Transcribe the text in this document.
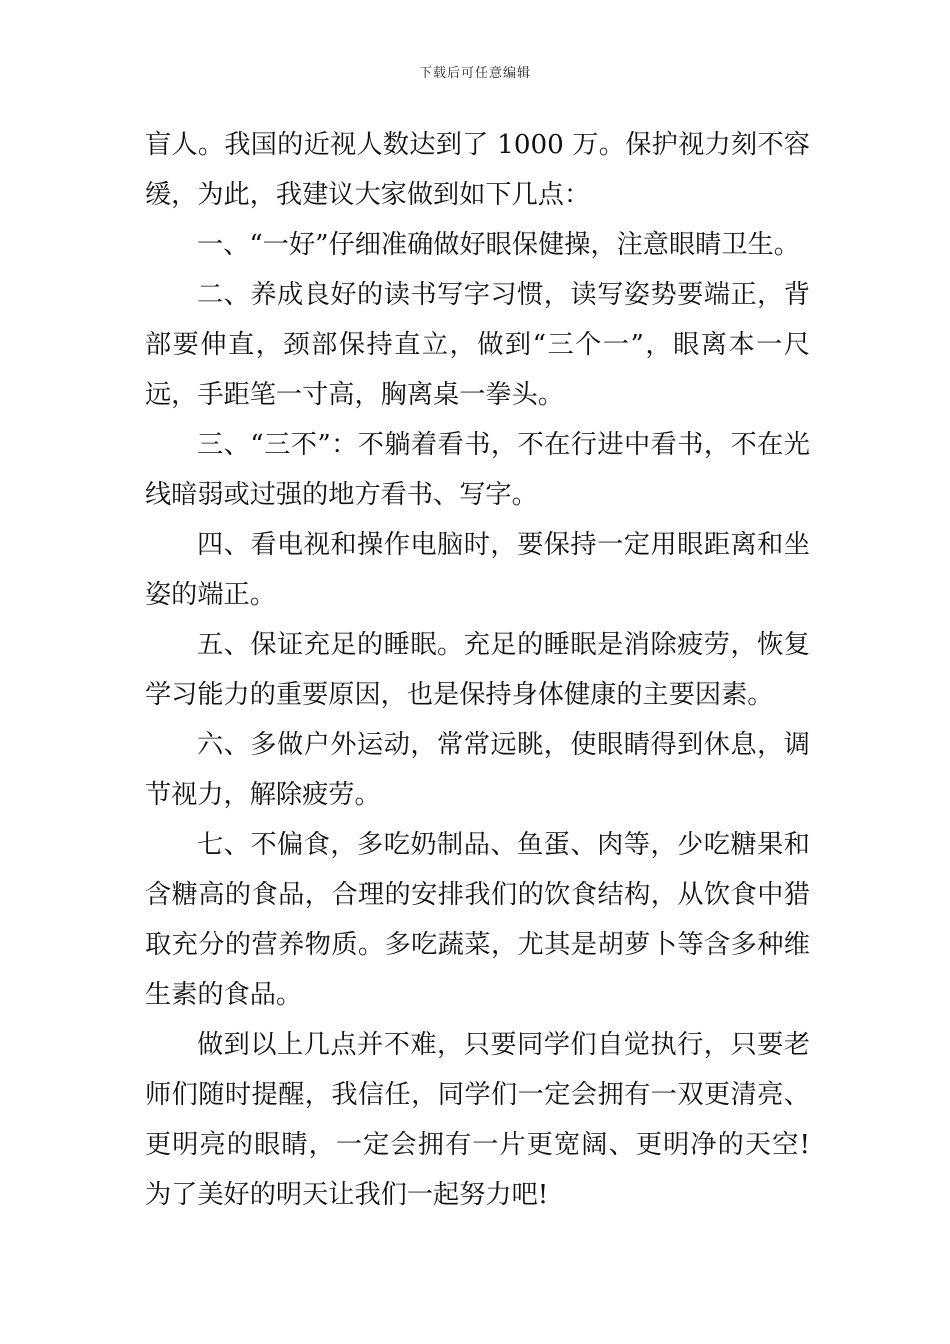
下载后可任意编辑

盲人。我国的近视人数达到了 1000 万。保护视力刻不容缓，为此，我建议大家做到如下几点：

一、“一好”仔细准确做好眼保健操，注意眼睛卫生。

二、养成良好的读书写字习惯，读写姿势要端正，背部要伸直，颈部保持直立，做到“三个一”，眼离本一尺远，手距笔一寸高，胸离桌一拳头。

三、“三不”：不躺着看书，不在行进中看书，不在光线暗弱或过强的地方看书、写字。

四、看电视和操作电脑时，要保持一定用眼距离和坐姿的端正。

五、保证充足的睡眠。充足的睡眠是消除疲劳，恢复学习能力的重要原因，也是保持身体健康的主要因素。

六、多做户外运动，常常远眺，使眼睛得到休息，调节视力，解除疲劳。

七、不偏食，多吃奶制品、鱼蛋、肉等，少吃糖果和含糖高的食品，合理的安排我们的饮食结构，从饮食中猎取充分的营养物质。多吃蔬菜，尤其是胡萝卜等含多种维生素的食品。

做到以上几点并不难，只要同学们自觉执行，只要老师们随时提醒，我信任，同学们一定会拥有一双更清亮、更明亮的眼睛，一定会拥有一片更宽阔、更明净的天空!为了美好的明天让我们一起努力吧!
